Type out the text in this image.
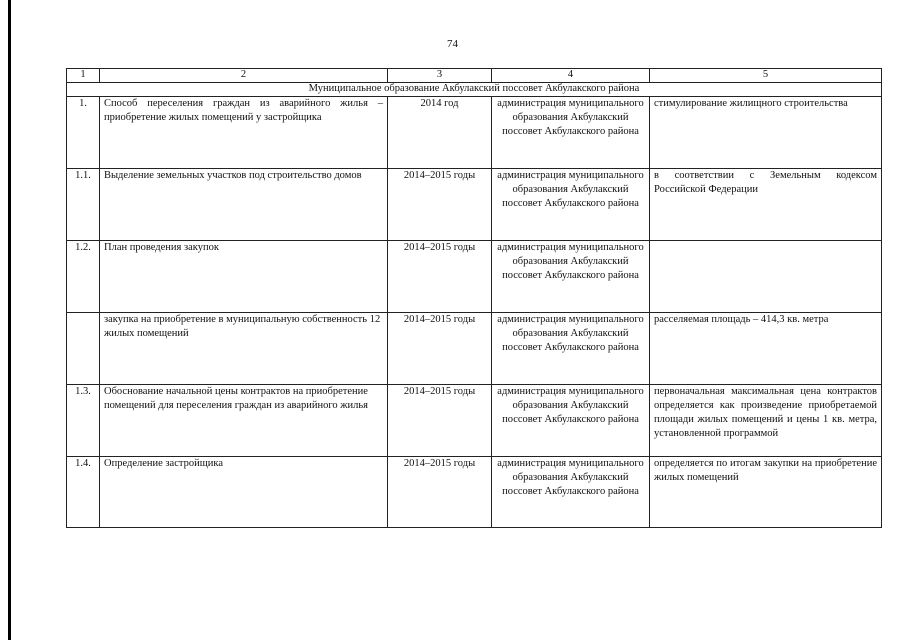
74
1	2	3	4	5
Муниципальное образование Акбулакский поссовет Акбулакского района				
1.	Способ переселения граждан из аварийного жилья – приобретение жилых помещений у застройщика	2014 год	администрация муниципального образования Акбулакский поссовет Акбулакского района	стимулирование жилищного строительства
1.1.	Выделение земельных участков под строительство домов	2014–2015 годы	администрация муниципального образования Акбулакский поссовет Акбулакского района	в соответствии с Земельным кодексом Российской Федерации
1.2.	План проведения закупок	2014–2015 годы	администрация муниципального образования Акбулакский поссовет Акбулакского района	
	закупка на приобретение в муниципальную собственность 12 жилых помещений	2014–2015 годы	администрация муниципального образования Акбулакский поссовет Акбулакского района	расселяемая площадь – 414,3 кв. метра
1.3.	Обоснование начальной цены контрактов на приобретение помещений для переселения граждан из аварийного жилья	2014–2015 годы	администрация муниципального образования Акбулакский поссовет Акбулакского района	первоначальная максимальная цена контрактов определяется как произведение приобретаемой площади жилых помещений и цены 1 кв. метра, установленной программой
1.4.	Определение застройщика	2014–2015 годы	администрация муниципального образования Акбулакский поссовет Акбулакского района	определяется по итогам закупки на приобретение жилых помещений
